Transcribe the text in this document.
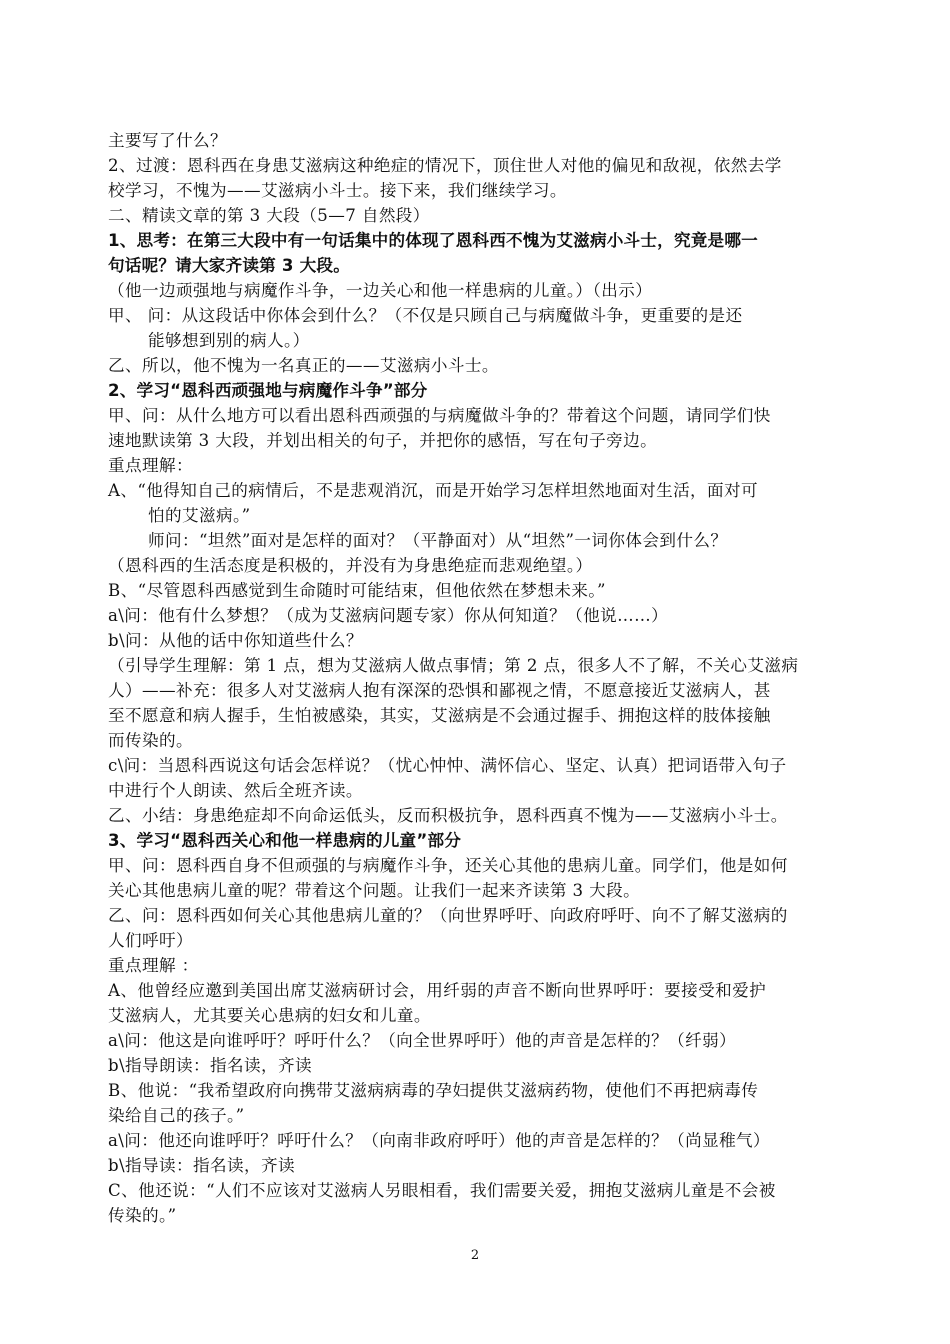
主要写了什么？
2、过渡：恩科西在身患艾滋病这种绝症的情况下，顶住世人对他的偏见和敌视，依然去学
校学习，不愧为——艾滋病小斗士。接下来，我们继续学习。
二、精读文章的第 3 大段（5—7 自然段）
1、思考：在第三大段中有一句话集中的体现了恩科西不愧为艾滋病小斗士，究竟是哪一
句话呢？请大家齐读第 3 大段。
（他一边顽强地与病魔作斗争，一边关心和他一样患病的儿童。）（出示）
甲、 问：从这段话中你体会到什么？（不仅是只顾自己与病魔做斗争，更重要的是还
能够想到别的病人。）
乙、所以，他不愧为一名真正的——艾滋病小斗士。
2、学习“恩科西顽强地与病魔作斗争”部分
甲、问：从什么地方可以看出恩科西顽强的与病魔做斗争的？带着这个问题，请同学们快
速地默读第 3 大段，并划出相关的句子，并把你的感悟，写在句子旁边。
重点理解：
A、“他得知自己的病情后，不是悲观消沉，而是开始学习怎样坦然地面对生活，面对可
怕的艾滋病。”
师问：“坦然”面对是怎样的面对？（平静面对）从“坦然”一词你体会到什么？
（恩科西的生活态度是积极的，并没有为身患绝症而悲观绝望。）
B、“尽管恩科西感觉到生命随时可能结束，但他依然在梦想未来。”
a\问：他有什么梦想？（成为艾滋病问题专家）你从何知道？（他说……）
b\问：从他的话中你知道些什么？
（引导学生理解：第 1 点，想为艾滋病人做点事情；第 2 点，很多人不了解，不关心艾滋病
人）——补充：很多人对艾滋病人抱有深深的恐惧和鄙视之情，不愿意接近艾滋病人，甚
至不愿意和病人握手，生怕被感染，其实，艾滋病是不会通过握手、拥抱这样的肢体接触
而传染的。
c\问：当恩科西说这句话会怎样说？（忧心忡忡、满怀信心、坚定、认真）把词语带入句子
中进行个人朗读、然后全班齐读。
乙、小结：身患绝症却不向命运低头，反而积极抗争，恩科西真不愧为——艾滋病小斗士。
3、学习“恩科西关心和他一样患病的儿童”部分
甲、问：恩科西自身不但顽强的与病魔作斗争，还关心其他的患病儿童。同学们，他是如何
关心其他患病儿童的呢？带着这个问题。让我们一起来齐读第 3 大段。
乙、问：恩科西如何关心其他患病儿童的？（向世界呼吁、向政府呼吁、向不了解艾滋病的
人们呼吁）
重点理解 ：
A、他曾经应邀到美国出席艾滋病研讨会，用纤弱的声音不断向世界呼吁：要接受和爱护
艾滋病人，尤其要关心患病的妇女和儿童。
a\问：他这是向谁呼吁？呼吁什么？（向全世界呼吁）他的声音是怎样的？（纤弱）
b\指导朗读：指名读，齐读
B、他说：“我希望政府向携带艾滋病病毒的孕妇提供艾滋病药物，使他们不再把病毒传
染给自己的孩子。”
a\问：他还向谁呼吁？呼吁什么？（向南非政府呼吁）他的声音是怎样的？（尚显稚气）
b\指导读：指名读，齐读
C、他还说：“人们不应该对艾滋病人另眼相看，我们需要关爱，拥抱艾滋病儿童是不会被
传染的。”
2
